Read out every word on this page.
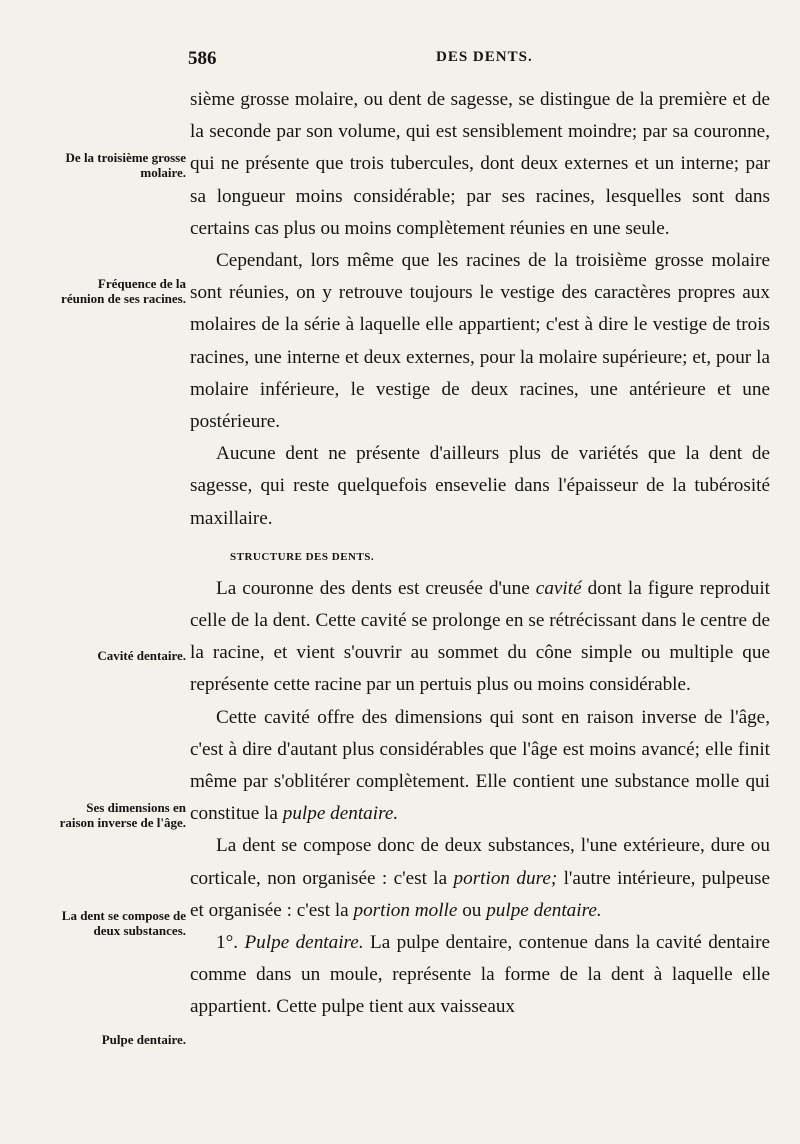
586	DES DENTS.
De la troisième grosse molaire.
Fréquence de la réunion de ses racines.
Cavité dentaire.
Ses dimensions en raison inverse de l'âge.
La dent se compose de deux substances.
Pulpe dentaire.

sième grosse molaire, ou dent de sagesse, se distingue de la première et de la seconde par son volume, qui est sensiblement moindre; par sa couronne, qui ne présente que trois tubercules, dont deux externes et un interne; par sa longueur moins considérable; par ses racines, lesquelles sont dans certains cas plus ou moins complètement réunies en une seule.

Cependant, lors même que les racines de la troisième grosse molaire sont réunies, on y retrouve toujours le vestige des caractères propres aux molaires de la série à laquelle elle appartient; c'est à dire le vestige de trois racines, une interne et deux externes, pour la molaire supérieure; et, pour la molaire inférieure, le vestige de deux racines, une antérieure et une postérieure.

Aucune dent ne présente d'ailleurs plus de variétés que la dent de sagesse, qui reste quelquefois ensevelie dans l'épaisseur de la tubérosité maxillaire.

STRUCTURE DES DENTS.

La couronne des dents est creusée d'une cavité dont la figure reproduit celle de la dent. Cette cavité se prolonge en se rétrécissant dans le centre de la racine, et vient s'ouvrir au sommet du cône simple ou multiple que représente cette racine par un pertuis plus ou moins considérable.

Cette cavité offre des dimensions qui sont en raison inverse de l'âge, c'est à dire d'autant plus considérables que l'âge est moins avancé; elle finit même par s'oblitérer complètement. Elle contient une substance molle qui constitue la pulpe dentaire.

La dent se compose donc de deux substances, l'une extérieure, dure ou corticale, non organisée : c'est la portion dure; l'autre intérieure, pulpeuse et organisée : c'est la portion molle ou pulpe dentaire.

1°. Pulpe dentaire. La pulpe dentaire, contenue dans la cavité dentaire comme dans un moule, représente la forme de la dent à laquelle elle appartient. Cette pulpe tient aux vaisseaux
